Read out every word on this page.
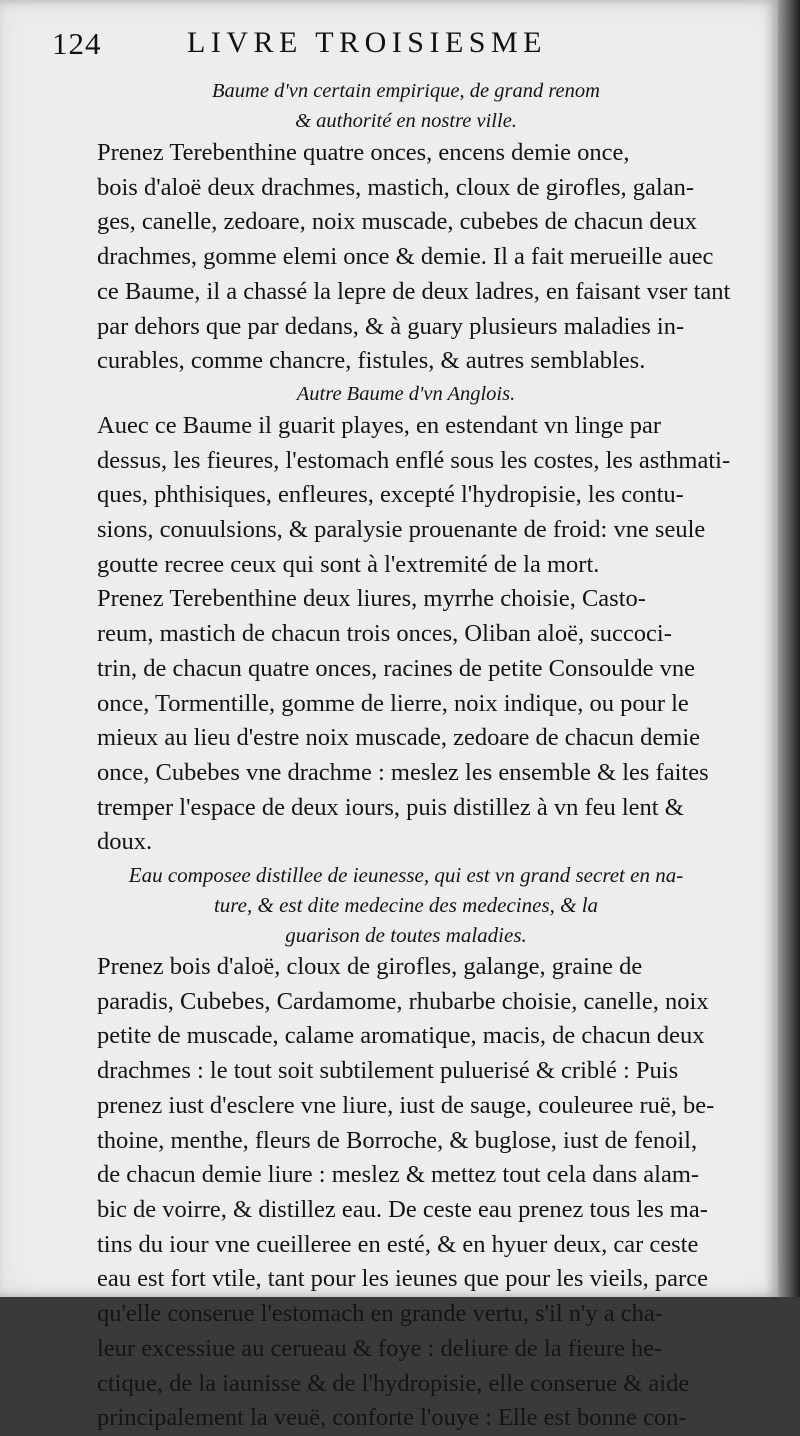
124	LIVRE TROISIESME
Baume d'vn certain empirique, de grand renom
& authorité en nostre ville.
Prenez Terebenthine quatre onces, encens demie once,
bois d'aloë deux drachmes, mastich, cloux de girofles, galan-
ges, canelle, zedoare, noix muscade, cubebes de chacun deux
drachmes, gomme elemi once & demie. Il a fait merueille auec
ce Baume, il a chassé la lepre de deux ladres, en faisant vser tant
par dehors que par dedans, & à guary plusieurs maladies in-
curables, comme chancre, fistules, & autres semblables.
Autre Baume d'vn Anglois.
Auec ce Baume il guarit playes, en estendant vn linge par
dessus, les fieures, l'estomach enflé sous les costes, les asthmati-
ques, phthisiques, enfleures, excepté l'hydropisie, les contu-
sions, conuulsions, & paralysie prouenante de froid: vne seule
goutte recree ceux qui sont à l'extremité de la mort.
Prenez Terebenthine deux liures, myrrhe choisie, Casto-
reum, mastich de chacun trois onces, Oliban aloë, succoci-
trin, de chacun quatre onces, racines de petite Consoulde vne
once, Tormentille, gomme de lierre, noix indique, ou pour le
mieux au lieu d'estre noix muscade, zedoare de chacun demie
once, Cubebes vne drachme : meslez les ensemble & les faites
tremper l'espace de deux iours, puis distillez à vn feu lent &
doux.
Eau composee distillee de ieunesse, qui est vn grand secret en na-
ture, & est dite medecine des medecines, & la
guarison de toutes maladies.
Prenez bois d'aloë, cloux de girofles, galange, graine de
paradis, Cubebes, Cardamome, rhubarbe choisie, canelle, noix
petite de muscade, calame aromatique, macis, de chacun deux
drachmes : le tout soit subtilement puluerisé & criblé : Puis
prenez iust d'esclere vne liure, iust de sauge, couleuree ruë, be-
thoine, menthe, fleurs de Borroche, & buglose, iust de fenoil,
de chacun demie liure : meslez & mettez tout cela dans alam-
bic de voirre, & distillez eau. De ceste eau prenez tous les ma-
tins du iour vne cueilleree en esté, & en hyuer deux, car ceste
eau est fort vtile, tant pour les ieunes que pour les vieils, parce
qu'elle conserue l'estomach en grande vertu, s'il n'y a cha-
leur excessiue au cerueau & foye : deliure de la fieure he-
ctique, de la iaunisse & de l'hydropisie, elle conserue & aide
principalement la veuë, conforte l'ouye : Elle est bonne con-
